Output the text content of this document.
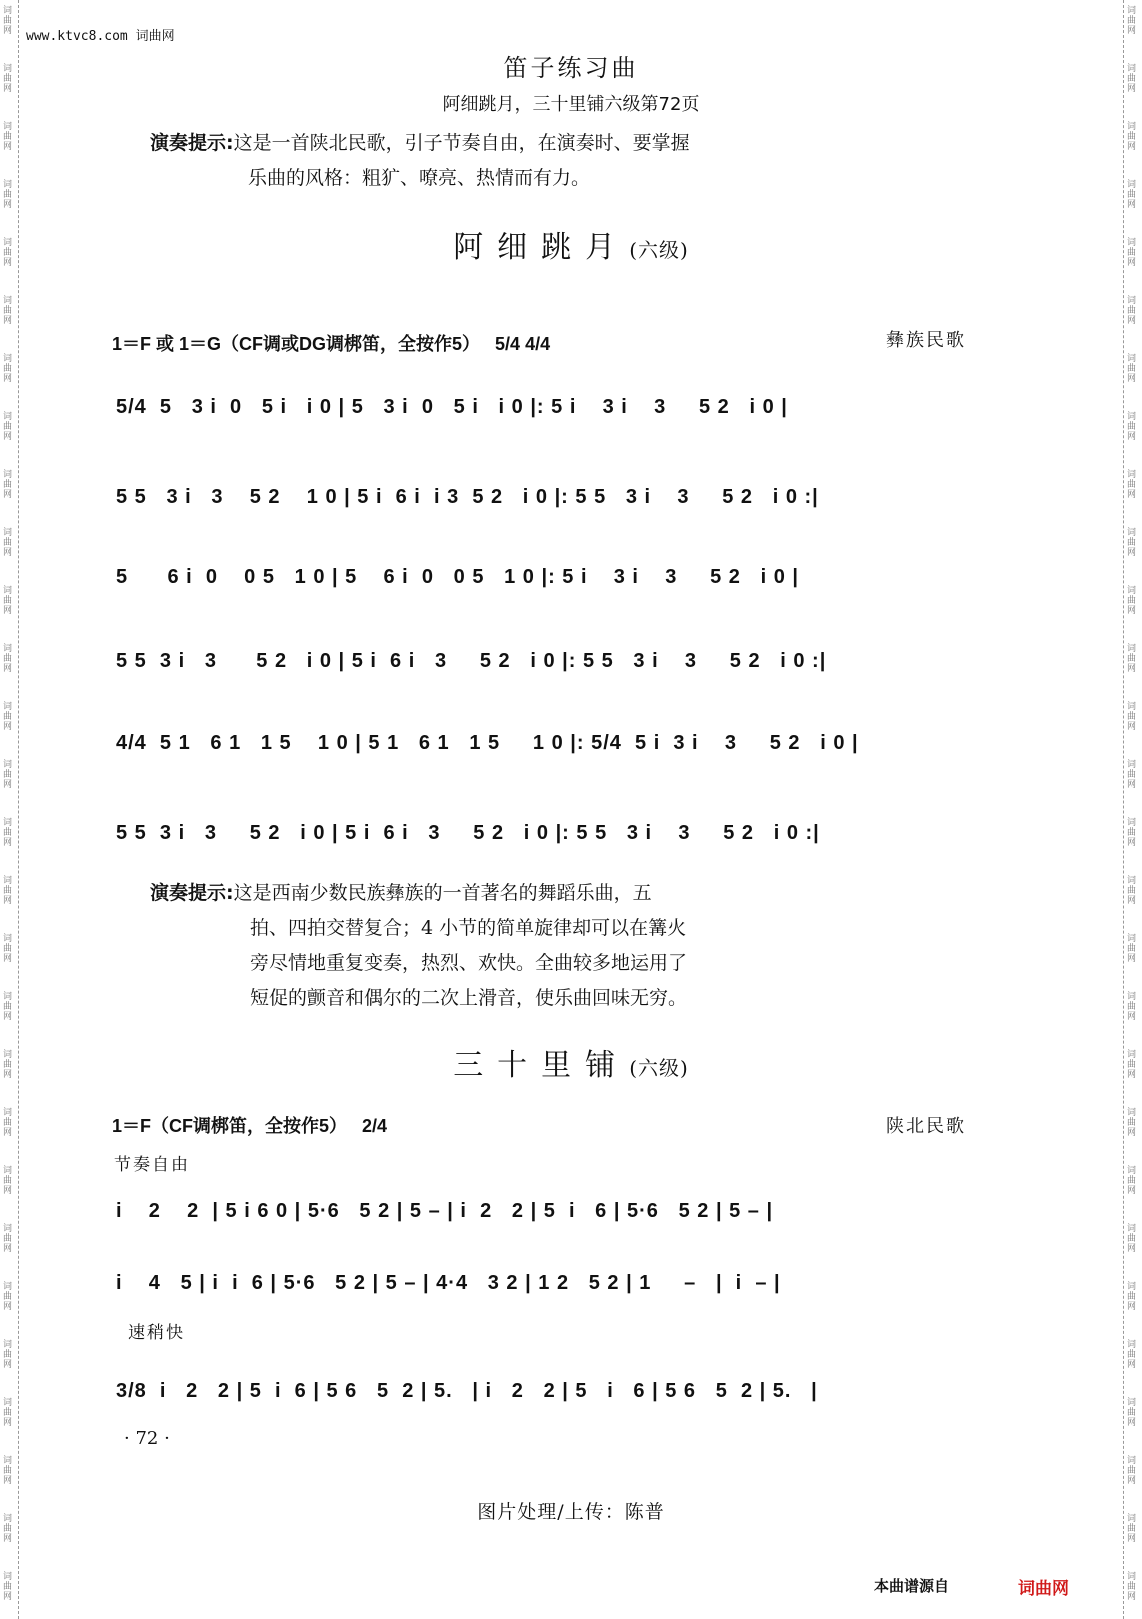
词
曲
网
词
曲
网
词
曲
网
词
曲
网
词
曲
网
词
曲
网
词
曲
网
词
曲
网
词
曲
网
词
曲
网
词
曲
网
词
曲
网
词
曲
网
词
曲
网
词
曲
网
词
曲
网
词
曲
网
词
曲
网
词
曲
网
词
曲
网
词
曲
网
词
曲
网
词
曲
网
词
曲
网
词
曲
网
词
曲
网
词
曲
网
词
曲
网
词
曲
网
词
曲
网
词
曲
网
词
曲
网
词
曲
网
词
曲
网
词
曲
网
词
曲
网
词
曲
网
词
曲
网
词
曲
网
词
曲
网
词
曲
网
词
曲
网
词
曲
网
词
曲
网
词
曲
网
词
曲
网
词
曲
网
词
曲
网
词
曲
网
词
曲
网
词
曲
网
词
曲
网
词
曲
网
词
曲
网
词
曲
网
词
曲
网
www.ktvc8.com 词曲网
笛子练习曲
阿细跳月，三十里铺六级第72页
演奏提示:这是一首陕北民歌，引子节奏自由，在演奏时、要掌握
乐曲的风格：粗犷、嘹亮、热情而有力。
阿细跳月(六级)
1＝F 或 1＝G（CF调或DG调梆笛，全按作5） 5/4 4/4	彝族民歌
5/4  5   3 i  0   5 i   i 0 | 5   3 i  0   5 i   i 0 |: 5 i    3 i    3     5 2   i 0 |
5 5   3 i   3    5 2    1 0 | 5 i  6 i  i 3  5 2   i 0 |: 5 5   3 i    3     5 2   i 0 :|
5      6 i  0    0 5   1 0 | 5    6 i  0   0 5   1 0 |: 5 i    3 i    3     5 2   i 0 |
5 5  3 i   3      5 2   i 0 | 5 i  6 i   3     5 2   i 0 |: 5 5   3 i    3     5 2   i 0 :|
4/4  5 1   6 1   1 5    1 0 | 5 1   6 1   1 5     1 0 |: 5/4  5 i  3 i    3     5 2   i 0 |
5 5  3 i   3     5 2   i 0 | 5 i  6 i   3     5 2   i 0 |: 5 5   3 i    3     5 2   i 0 :|
演奏提示:这是西南少数民族彝族的一首著名的舞蹈乐曲，五
拍、四拍交替复合；4 小节的简单旋律却可以在篝火
旁尽情地重复变奏，热烈、欢快。全曲较多地运用了
短促的颤音和偶尔的二次上滑音，使乐曲回味无穷。
三十里铺(六级)
1＝F（CF调梆笛，全按作5） 2/4	陕北民歌
节奏自由
i    2    2  | 5 i 6 0 | 5·6   5 2 | 5 – | i  2   2 | 5  i   6 | 5·6   5 2 | 5 – |
i    4   5 | i  i  6 | 5·6   5 2 | 5 – | 4·4   3 2 | 1 2   5 2 | 1     –   |  i  – |
速稍快
3/8  i   2   2 | 5  i  6 | 5 6   5  2 | 5.   | i   2   2 | 5   i   6 | 5 6   5  2 | 5.   |
· 72 ·
图片处理/上传：陈普
本曲谱源自	词曲网
